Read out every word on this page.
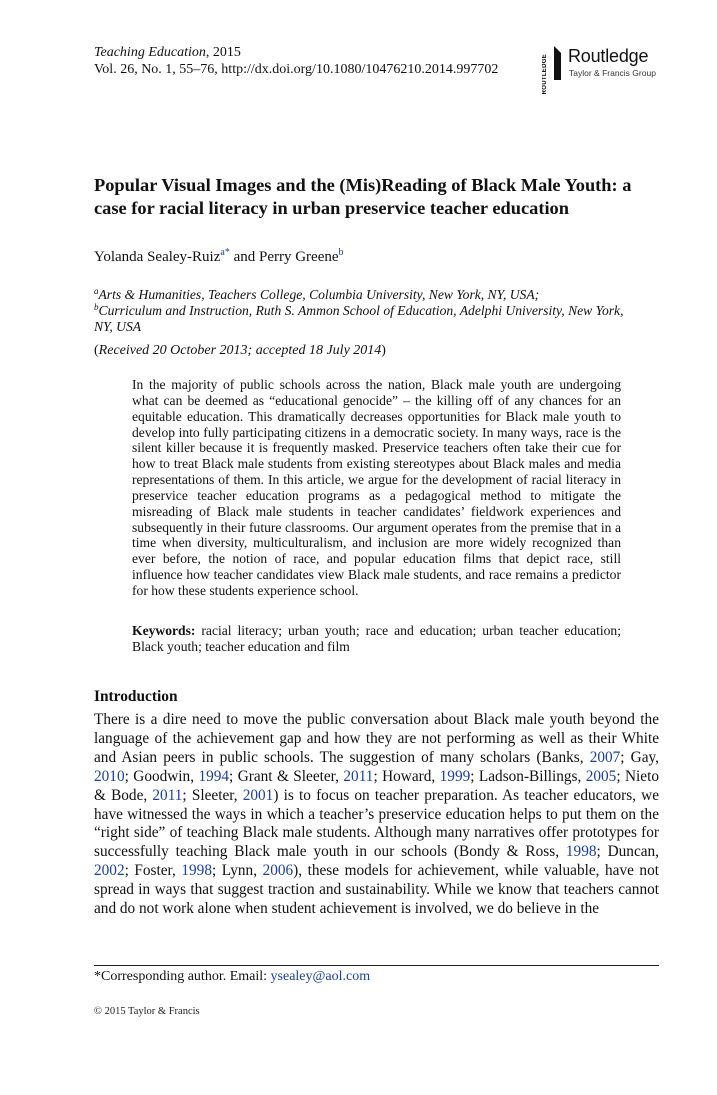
Teaching Education, 2015
Vol. 26, No. 1, 55–76, http://dx.doi.org/10.1080/10476210.2014.997702	ROUTLEDGE Routledge
Taylor & Francis Group
Popular Visual Images and the (Mis)Reading of Black Male Youth: a case for racial literacy in urban preservice teacher education
Yolanda Sealey-Ruiz$^{a*}$ and Perry Greene$^b$
$^a$Arts & Humanities, Teachers College, Columbia University, New York, NY, USA;
$^b$Curriculum and Instruction, Ruth S. Ammon School of Education, Adelphi University, New York, NY, USA
(Received 20 October 2013; accepted 18 July 2014)
In the majority of public schools across the nation, Black male youth are undergoing what can be deemed as “educational genocide” – the killing off of any chances for an equitable education. This dramatically decreases opportunities for Black male youth to develop into fully participating citizens in a democratic society. In many ways, race is the silent killer because it is frequently masked. Preservice teachers often take their cue for how to treat Black male students from existing stereotypes about Black males and media representations of them. In this article, we argue for the development of racial literacy in preservice teacher education programs as a pedagogical method to mitigate the misreading of Black male students in teacher candidates’ fieldwork experiences and subsequently in their future classrooms. Our argument operates from the premise that in a time when diversity, multiculturalism, and inclusion are more widely recognized than ever before, the notion of race, and popular education films that depict race, still influence how teacher candidates view Black male students, and race remains a predictor for how these students experience school.
Keywords: racial literacy; urban youth; race and education; urban teacher education; Black youth; teacher education and film
Introduction
There is a dire need to move the public conversation about Black male youth beyond the language of the achievement gap and how they are not performing as well as their White and Asian peers in public schools. The suggestion of many scholars (Banks, 2007; Gay, 2010; Goodwin, 1994; Grant & Sleeter, 2011; Howard, 1999; Ladson-Billings, 2005; Nieto & Bode, 2011; Sleeter, 2001) is to focus on teacher preparation. As teacher educators, we have witnessed the ways in which a teacher’s preservice education helps to put them on the “right side” of teaching Black male students. Although many narratives offer prototypes for successfully teaching Black male youth in our schools (Bondy & Ross, 1998; Duncan, 2002; Foster, 1998; Lynn, 2006), these models for achievement, while valuable, have not spread in ways that suggest traction and sustainability. While we know that teachers cannot and do not work alone when student achievement is involved, we do believe in the
*Corresponding author. Email: ysealey@aol.com
© 2015 Taylor & Francis
